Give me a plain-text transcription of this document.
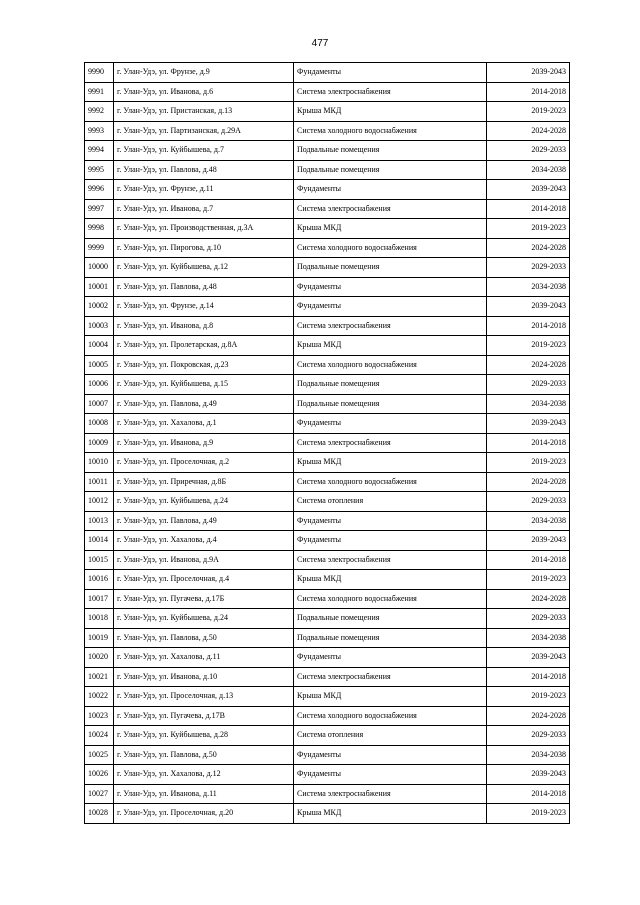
477
9990	г. Улан-Удэ, ул. Фрунзе, д.9	Фундаменты	2039-2043
9991	г. Улан-Удэ, ул. Иванова, д.6	Система электроснабжения	2014-2018
9992	г. Улан-Удэ, ул. Пристанская, д.13	Крыша МКД	2019-2023
9993	г. Улан-Удэ, ул. Партизанская, д.29А	Система холодного водоснабжения	2024-2028
9994	г. Улан-Удэ, ул. Куйбышева, д.7	Подвальные помещения	2029-2033
9995	г. Улан-Удэ, ул. Павлова, д.48	Подвальные помещения	2034-2038
9996	г. Улан-Удэ, ул. Фрунзе, д.11	Фундаменты	2039-2043
9997	г. Улан-Удэ, ул. Иванова, д.7	Система электроснабжения	2014-2018
9998	г. Улан-Удэ, ул. Производственная, д.3А	Крыша МКД	2019-2023
9999	г. Улан-Удэ, ул. Пирогова, д.10	Система холодного водоснабжения	2024-2028
10000	г. Улан-Удэ, ул. Куйбышева, д.12	Подвальные помещения	2029-2033
10001	г. Улан-Удэ, ул. Павлова, д.48	Фундаменты	2034-2038
10002	г. Улан-Удэ, ул. Фрунзе, д.14	Фундаменты	2039-2043
10003	г. Улан-Удэ, ул. Иванова, д.8	Система электроснабжения	2014-2018
10004	г. Улан-Удэ, ул. Пролетарская, д.8А	Крыша МКД	2019-2023
10005	г. Улан-Удэ, ул. Покровская, д.23	Система холодного водоснабжения	2024-2028
10006	г. Улан-Удэ, ул. Куйбышева, д.15	Подвальные помещения	2029-2033
10007	г. Улан-Удэ, ул. Павлова, д.49	Подвальные помещения	2034-2038
10008	г. Улан-Удэ, ул. Хахалова, д.1	Фундаменты	2039-2043
10009	г. Улан-Удэ, ул. Иванова, д.9	Система электроснабжения	2014-2018
10010	г. Улан-Удэ, ул. Проселочная, д.2	Крыша МКД	2019-2023
10011	г. Улан-Удэ, ул. Приречная, д.8Б	Система холодного водоснабжения	2024-2028
10012	г. Улан-Удэ, ул. Куйбышева, д.24	Система отопления	2029-2033
10013	г. Улан-Удэ, ул. Павлова, д.49	Фундаменты	2034-2038
10014	г. Улан-Удэ, ул. Хахалова, д.4	Фундаменты	2039-2043
10015	г. Улан-Удэ, ул. Иванова, д.9А	Система электроснабжения	2014-2018
10016	г. Улан-Удэ, ул. Проселочная, д.4	Крыша МКД	2019-2023
10017	г. Улан-Удэ, ул. Пугачева, д.17Б	Система холодного водоснабжения	2024-2028
10018	г. Улан-Удэ, ул. Куйбышева, д.24	Подвальные помещения	2029-2033
10019	г. Улан-Удэ, ул. Павлова, д.50	Подвальные помещения	2034-2038
10020	г. Улан-Удэ, ул. Хахалова, д.11	Фундаменты	2039-2043
10021	г. Улан-Удэ, ул. Иванова, д.10	Система электроснабжения	2014-2018
10022	г. Улан-Удэ, ул. Проселочная, д.13	Крыша МКД	2019-2023
10023	г. Улан-Удэ, ул. Пугачева, д.17В	Система холодного водоснабжения	2024-2028
10024	г. Улан-Удэ, ул. Куйбышева, д.28	Система отопления	2029-2033
10025	г. Улан-Удэ, ул. Павлова, д.50	Фундаменты	2034-2038
10026	г. Улан-Удэ, ул. Хахалова, д.12	Фундаменты	2039-2043
10027	г. Улан-Удэ, ул. Иванова, д.11	Система электроснабжения	2014-2018
10028	г. Улан-Удэ, ул. Проселочная, д.20	Крыша МКД	2019-2023
